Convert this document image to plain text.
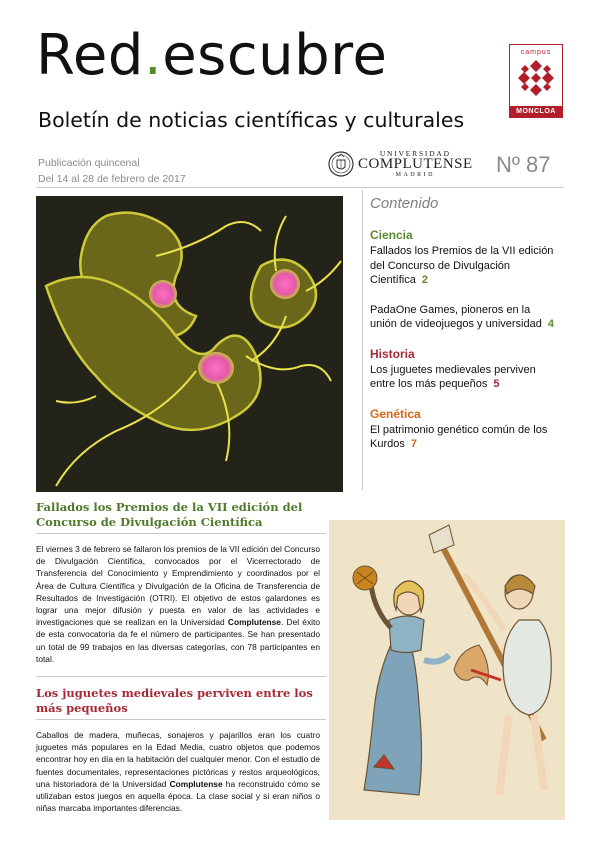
Red.escubre
Boletín de noticias científicas y culturales
campus
MONCLOA
Publicación quincenal
Del 14 al 28 de febrero de 2017
UNIVERSIDAD
COMPLUTENSE
MADRID	Nº 87
Contenido
Ciencia
Fallados los Premios de la VII edición del Concurso de Divulgación Científica 2
PadaOne Games, pioneros en la unión de videojuegos y universidad 4
Historia
Los juguetes medievales perviven entre los más pequeños 5
Genética
El patrimonio genético común de los Kurdos 7
Fallados los Premios de la VII edición del Concurso de Divulgación Científica
El viernes 3 de febrero se fallaron los premios de la VII edición del Concurso de Divulgación Científica, convocados por el Vicerrectorado de Transferencia del Conocimiento y Emprendimiento y coordinados por el Área de Cultura Científica y Divulgación de la Oficina de Transferencia de Resultados de Investigación (OTRI). El objetivo de estos galardones es lograr una mejor difusión y puesta en valor de las actividades e investigaciones que se realizan en la Universidad Complutense. Del éxito de esta convocatoria da fe el número de participantes. Se han presentado un total de 99 trabajos en las diversas categorías, con 78 participantes en total.
Los juguetes medievales perviven entre los más pequeños
Caballos de madera, muñecas, sonajeros y pajarillos eran los cuatro juguetes más populares en la Edad Media, cuatro objetos que podemos encontrar hoy en día en la habitación del cualquier menor. Con el estudio de fuentes documentales, representaciones pictóricas y restos arqueológicos, una historiadora de la Universidad Complutense ha reconstruido cómo se utilizaban estos juegos en aquella época. La clase social y si eran niños o niñas marcaba importantes diferencias.
